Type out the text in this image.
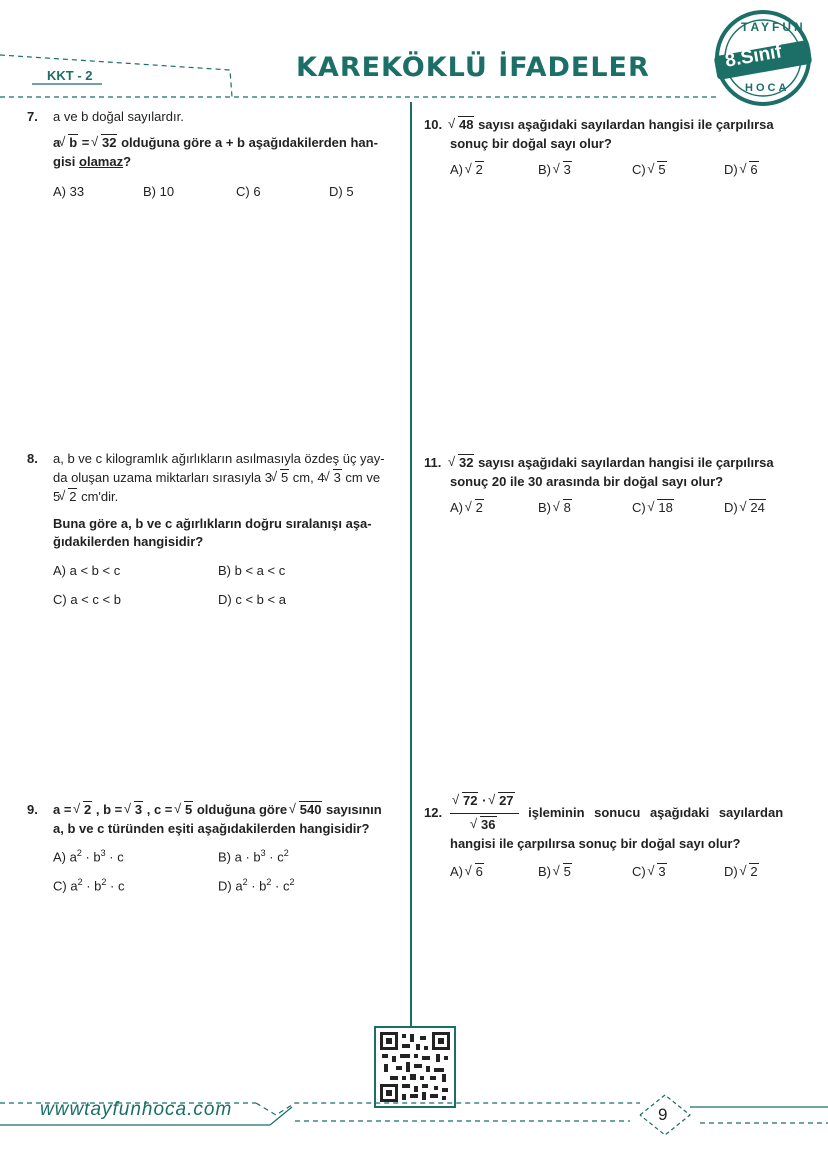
KKT - 2	KAREKÖKLÜ İFADELER
TAYFUN
8.Sınıf
HOCA
7. a ve b doğal sayılardır.
a √ b = √ 32 olduğuna göre a + b aşağıdakilerden han-
gisi olamaz?
A) 33	B) 10	C) 6	D) 5
8. a, b ve c kilogramlık ağırlıkların asılmasıyla özdeş üç yay-
da oluşan uzama miktarları sırasıyla 3 √ 5 cm, 4 √ 3 cm ve
5 √ 2 cm'dir.
Buna göre a, b ve c ağırlıkların doğru sıralanışı aşa-
ğıdakilerden hangisidir?
A) a < b < c	B) b < a < c
C) a < c < b	D) c < b < a
9. a = √ 2 , b = √ 3 , c = √ 5 olduğuna göre √ 540 sayısının
a, b ve c türünden eşiti aşağıdakilerden hangisidir?
A) $a^2 \cdot b^3 \cdot c$	B) $a \cdot b^3 \cdot c^2$
C) $a^2 \cdot b^2 \cdot c$	D) $a^2 \cdot b^2 \cdot c^2$
10.	√ 48 sayısı aşağıdaki sayılardan hangisi ile çarpılırsa
sonuç bir doğal sayı olur?
A) √ 2	B) √ 3	C) √ 5	D) √ 6
11.	√ 32 sayısı aşağıdaki sayılardan hangisi ile çarpılırsa
sonuç 20 ile 30 arasında bir doğal sayı olur?
A) √ 2	B) √ 8	C) √ 18	D) √ 24
12. √ 72 · √ 27
√ 36 işleminin sonucu aşağıdaki sayılardan
hangisi ile çarpılırsa sonuç bir doğal sayı olur?
A) √ 6	B) √ 5	C) √ 3	D) √ 2
wwwtayfunhoca.com	9
